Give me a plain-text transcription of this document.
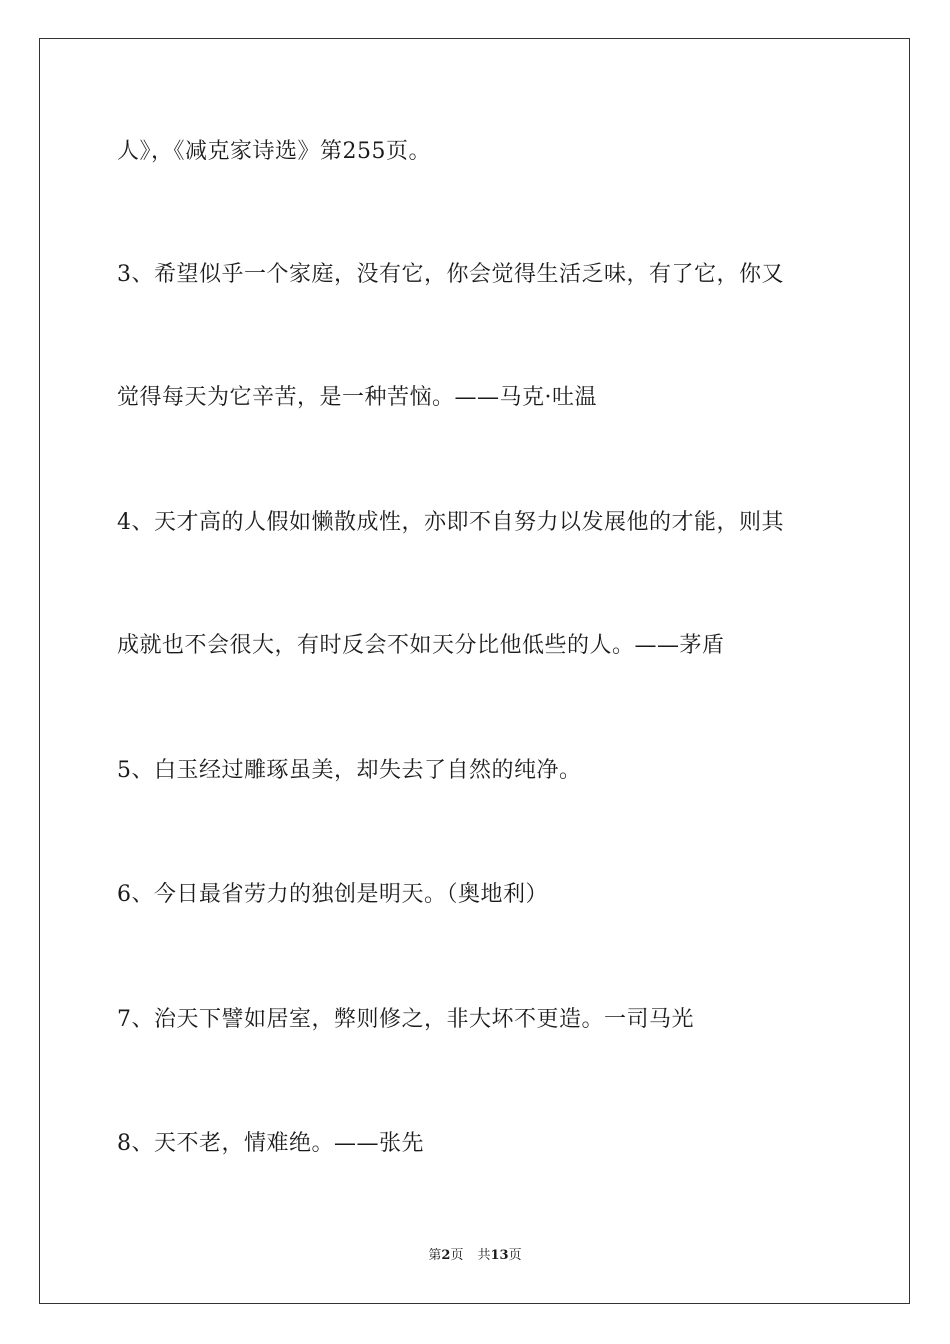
人》，《减克家诗选》第255页。
3、希望似乎一个家庭，没有它，你会觉得生活乏味，有了它，你又
觉得每天为它辛苦，是一种苦恼。——马克·吐温
4、天才高的人假如懒散成性，亦即不自努力以发展他的才能，则其
成就也不会很大，有时反会不如天分比他低些的人。——茅盾
5、白玉经过雕琢虽美，却失去了自然的纯净。
6、今日最省劳力的独创是明天。（奥地利）
7、治天下譬如居室，弊则修之，非大坏不更造。一司马光
8、天不老，情难绝。——张先
第2页 共13页
